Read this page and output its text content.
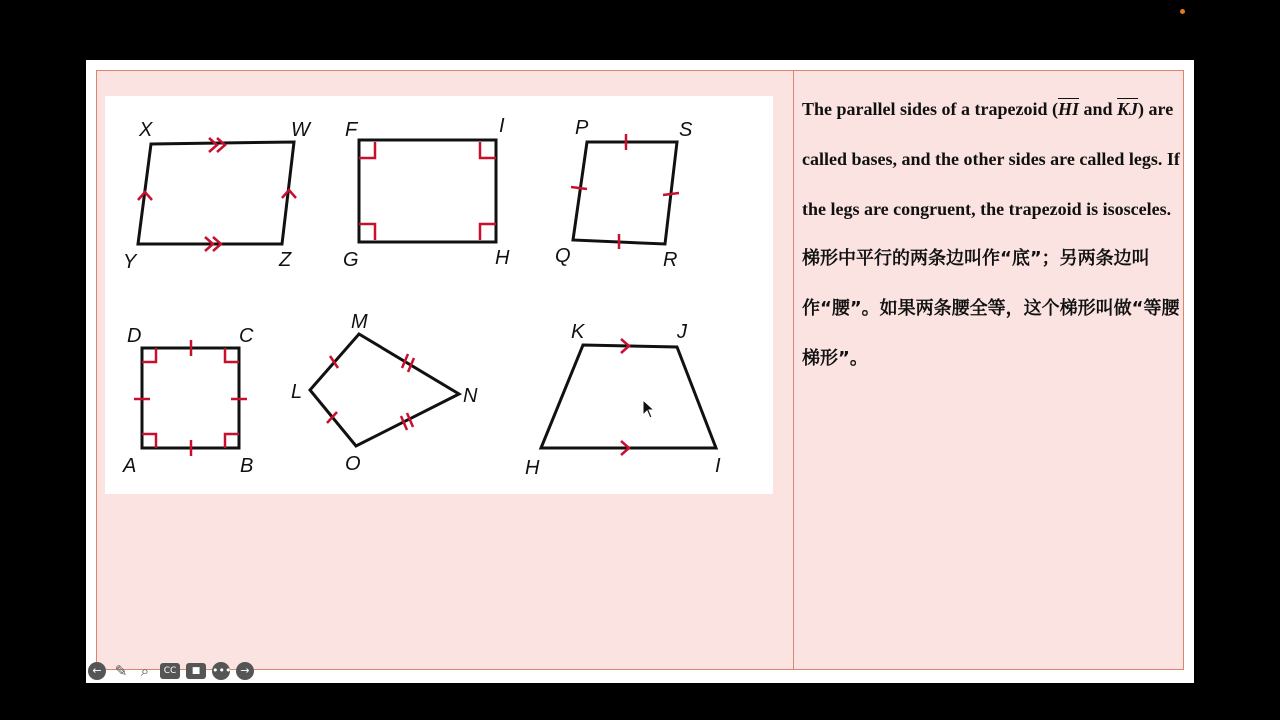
X	W
Y	Z
F	I
G	H
P	S
Q	R
D	C
A	B
M
L	N
O
K	J
H	I
The parallel sides of a trapezoid ($\overline{HI}$ and $\overline{KJ}$) are called bases, and the other sides are called legs. If the legs are congruent, the trapezoid is isosceles.
梯形中平行的两条边叫作“底”；另两条边叫作“腰”。如果两条腰全等，这个梯形叫做“等腰梯形”。
← ✎ ⌕	CC	■	••• →
